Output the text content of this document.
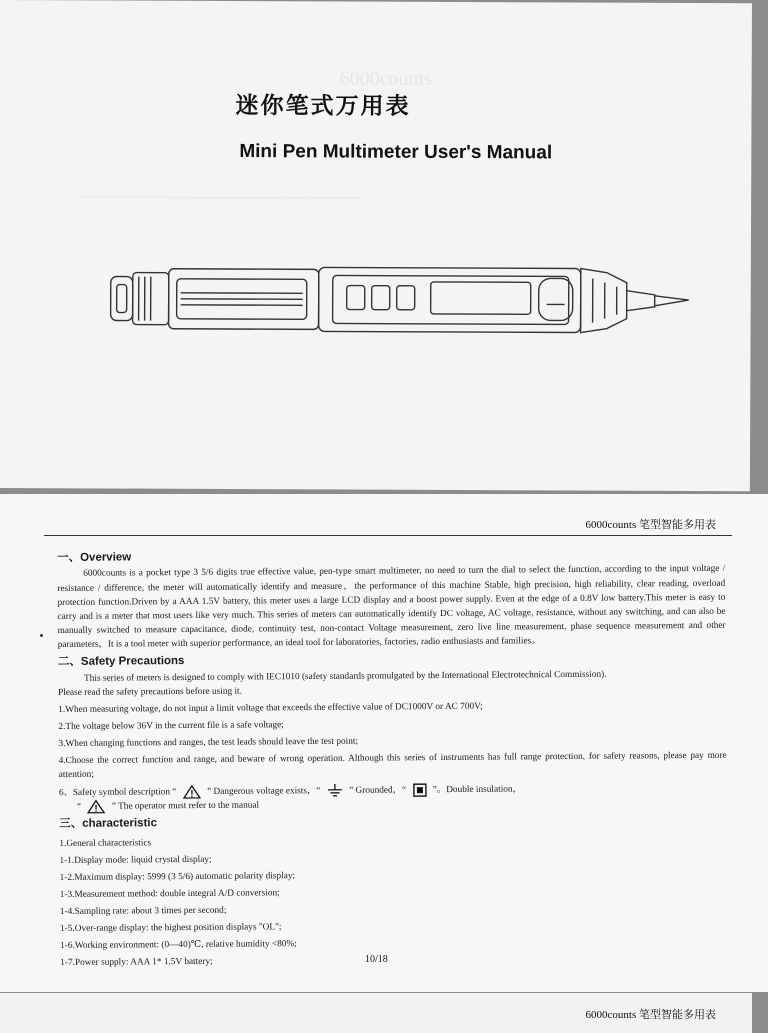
6000counts
——————————————————————————
迷你笔式万用表
Mini Pen Multimeter User's Manual
6000counts 笔型智能多用表
一、Overview

6000counts is a pocket type 3 5/6 digits true effective value, pen-type smart multimeter, no need to turn the dial to select the function, according to the input voltage / resistance / difference, the meter will automatically identify and measure，the performance of this machine Stable, high precision, high reliability, clear reading, overload protection function.Driven by a AAA 1.5V battery, this meter uses a large LCD display and a boost power supply. Even at the edge of a 0.8V low battery.This meter is easy to carry and is a meter that most users like very much. This series of meters can automatically identify DC voltage, AC voltage, resistance, without any switching, and can also be manually switched to measure capacitance, diode, continuity test, non-contact Voltage measurement, zero live line measurement, phase sequence measurement and other parameters，It is a tool meter with superior performance, an ideal tool for laboratories, factories, radio enthusiasts and families。

二、Safety Precautions

This series of meters is designed to comply with IEC1010 (safety standards promulgated by the International Electrotechnical Commission).

Please read the safety precautions before using it.

1.When measuring voltage, do not input a limit voltage that exceeds the effective value of DC1000V or AC 700V;

2.The voltage below 36V in the current file is a safe voltage;

3.When changing functions and ranges, the test leads should leave the test point;

4.Choose the correct function and range, and beware of wrong operation. Although this series of instruments has full range protection, for safety reasons, please pay more attention;

6、Safety symbol description “	” Dangerous voltage exists，“	” Grounded，“	”。Double insulation，

“	” The operator must refer to the manual

三、characteristic

1.General characteristics

1-1.Display mode: liquid crystal display;

1-2.Maximum display: 5999 (3 5/6) automatic polarity display;

1-3.Measurement method: double integral A/D conversion;

1-4.Sampling rate: about 3 times per second;

1-5.Over-range display: the highest position displays "OL";

1-6.Working environment: (0—40)℃, relative humidity <80%;

1-7.Power supply: AAA 1* 1.5V battery;	10/18
6000counts 笔型智能多用表
